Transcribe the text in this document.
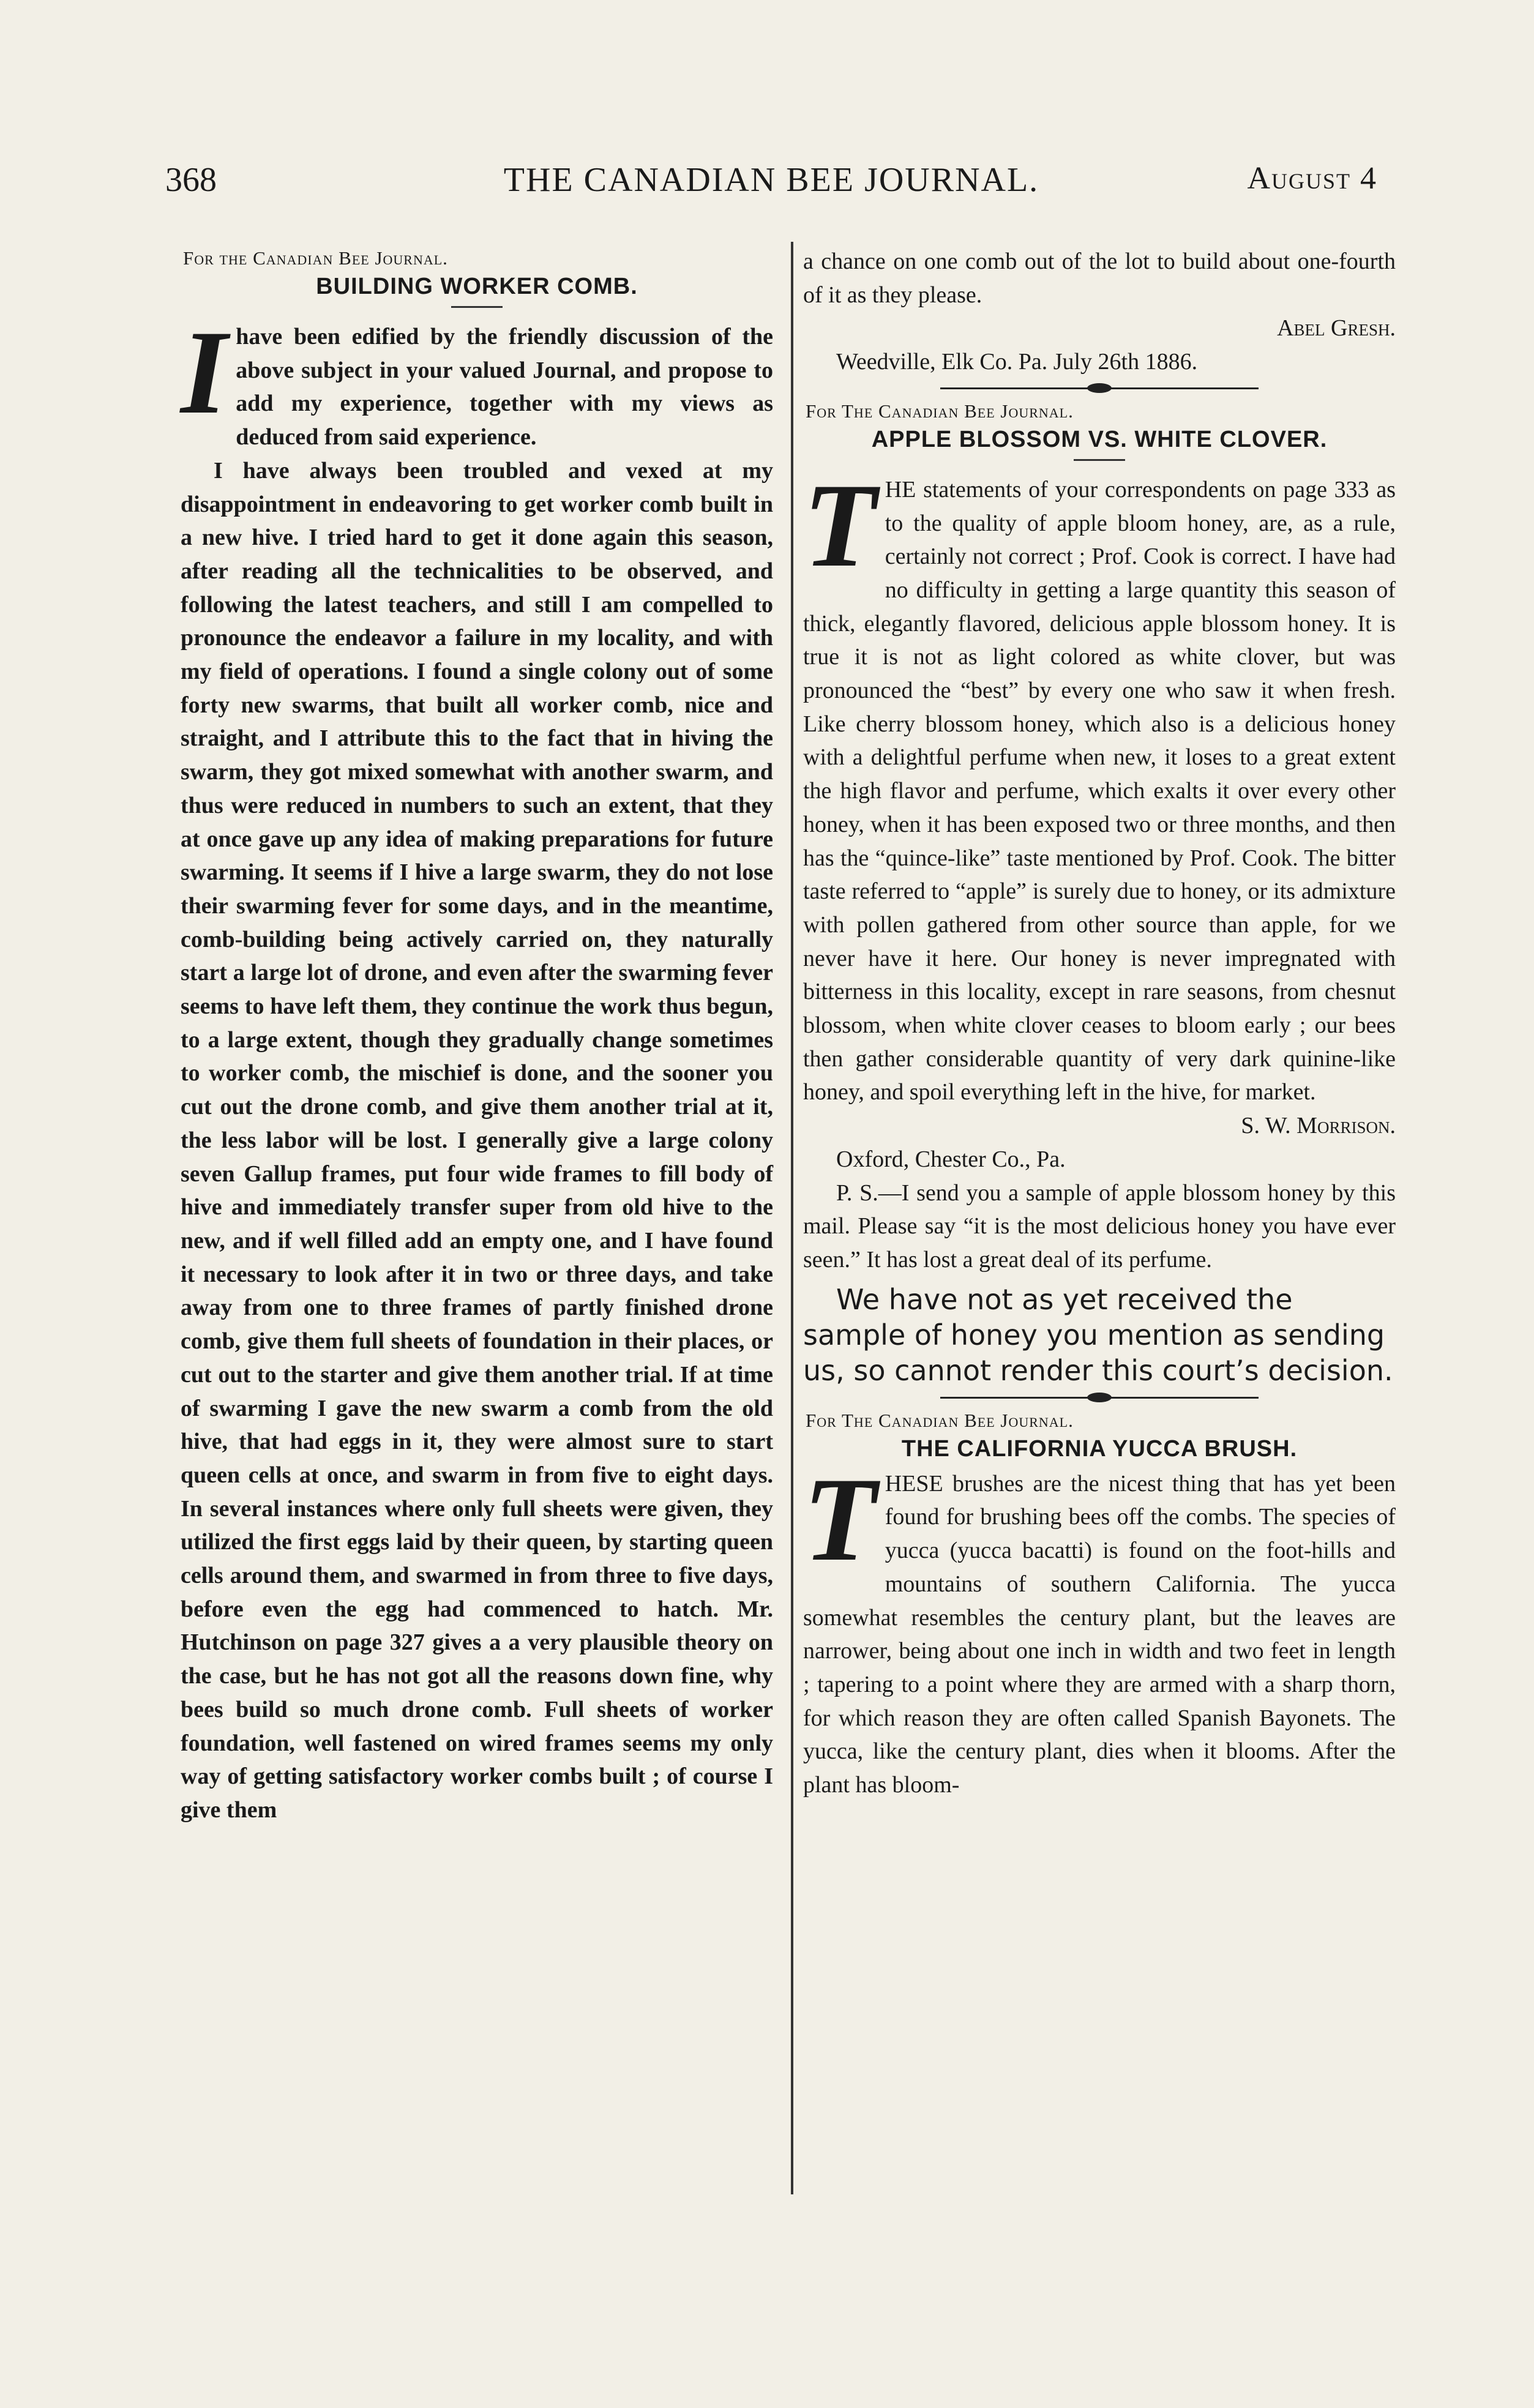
368	THE CANADIAN BEE JOURNAL.	August 4
For the Canadian Bee Journal.
BUILDING WORKER COMB.

Ihave been edified by the friendly discussion of the above subject in your valued Journal, and propose to add my experience, together with my views as deduced from said experience.

I have always been troubled and vexed at my disappointment in endeavoring to get worker comb built in a new hive. I tried hard to get it done again this season, after reading all the technicalities to be observed, and following the latest teachers, and still I am compelled to pronounce the endeavor a failure in my locality, and with my field of operations. I found a single colony out of some forty new swarms, that built all worker comb, nice and straight, and I attribute this to the fact that in hiving the swarm, they got mixed somewhat with another swarm, and thus were reduced in numbers to such an extent, that they at once gave up any idea of making preparations for future swarming. It seems if I hive a large swarm, they do not lose their swarming fever for some days, and in the meantime, comb-building being actively carried on, they naturally start a large lot of drone, and even after the swarming fever seems to have left them, they continue the work thus begun, to a large extent, though they gradually change sometimes to worker comb, the mischief is done, and the sooner you cut out the drone comb, and give them another trial at it, the less labor will be lost. I generally give a large colony seven Gallup frames, put four wide frames to fill body of hive and immediately transfer super from old hive to the new, and if well filled add an empty one, and I have found it necessary to look after it in two or three days, and take away from one to three frames of partly finished drone comb, give them full sheets of foundation in their places, or cut out to the starter and give them another trial. If at time of swarming I gave the new swarm a comb from the old hive, that had eggs in it, they were almost sure to start queen cells at once, and swarm in from five to eight days. In several instances where only full sheets were given, they utilized the first eggs laid by their queen, by starting queen cells around them, and swarmed in from three to five days, before even the egg had commenced to hatch. Mr. Hutchinson on page 327 gives a a very plausible theory on the case, but he has not got all the reasons down fine, why bees build so much drone comb. Full sheets of worker foundation, well fastened on wired frames seems my only way of getting satisfactory worker combs built ; of course I give them

a chance on one comb out of the lot to build about one-fourth of it as they please.

Abel Gresh.

Weedville, Elk Co. Pa. July 26th 1886.

For The Canadian Bee Journal.
APPLE BLOSSOM VS. WHITE CLOVER.

THE statements of your correspondents on page 333 as to the quality of apple bloom honey, are, as a rule, certainly not correct ; Prof. Cook is correct. I have had no difficulty in getting a large quantity this season of thick, elegantly flavored, delicious apple blossom honey. It is true it is not as light colored as white clover, but was pronounced the “best” by every one who saw it when fresh. Like cherry blossom honey, which also is a delicious honey with a delightful perfume when new, it loses to a great extent the high flavor and perfume, which exalts it over every other honey, when it has been exposed two or three months, and then has the “quince-like” taste mentioned by Prof. Cook. The bitter taste referred to “apple” is surely due to honey, or its admixture with pollen gathered from other source than apple, for we never have it here. Our honey is never impregnated with bitterness in this locality, except in rare seasons, from chesnut blossom, when white clover ceases to bloom early ; our bees then gather considerable quantity of very dark quinine-like honey, and spoil everything left in the hive, for market.

S. W. Morrison.

Oxford, Chester Co., Pa.

P. S.—I send you a sample of apple blossom honey by this mail. Please say “it is the most delicious honey you have ever seen.” It has lost a great deal of its perfume.

We have not as yet received the sample of honey you mention as sending us, so cannot render this court’s decision.

For The Canadian Bee Journal.
THE CALIFORNIA YUCCA BRUSH.

THESE brushes are the nicest thing that has yet been found for brushing bees off the combs. The species of yucca (yucca bacatti) is found on the foot-hills and mountains of southern California. The yucca somewhat resembles the century plant, but the leaves are narrower, being about one inch in width and two feet in length ; tapering to a point where they are armed with a sharp thorn, for which reason they are often called Spanish Bayonets. The yucca, like the century plant, dies when it blooms. After the plant has bloom-
